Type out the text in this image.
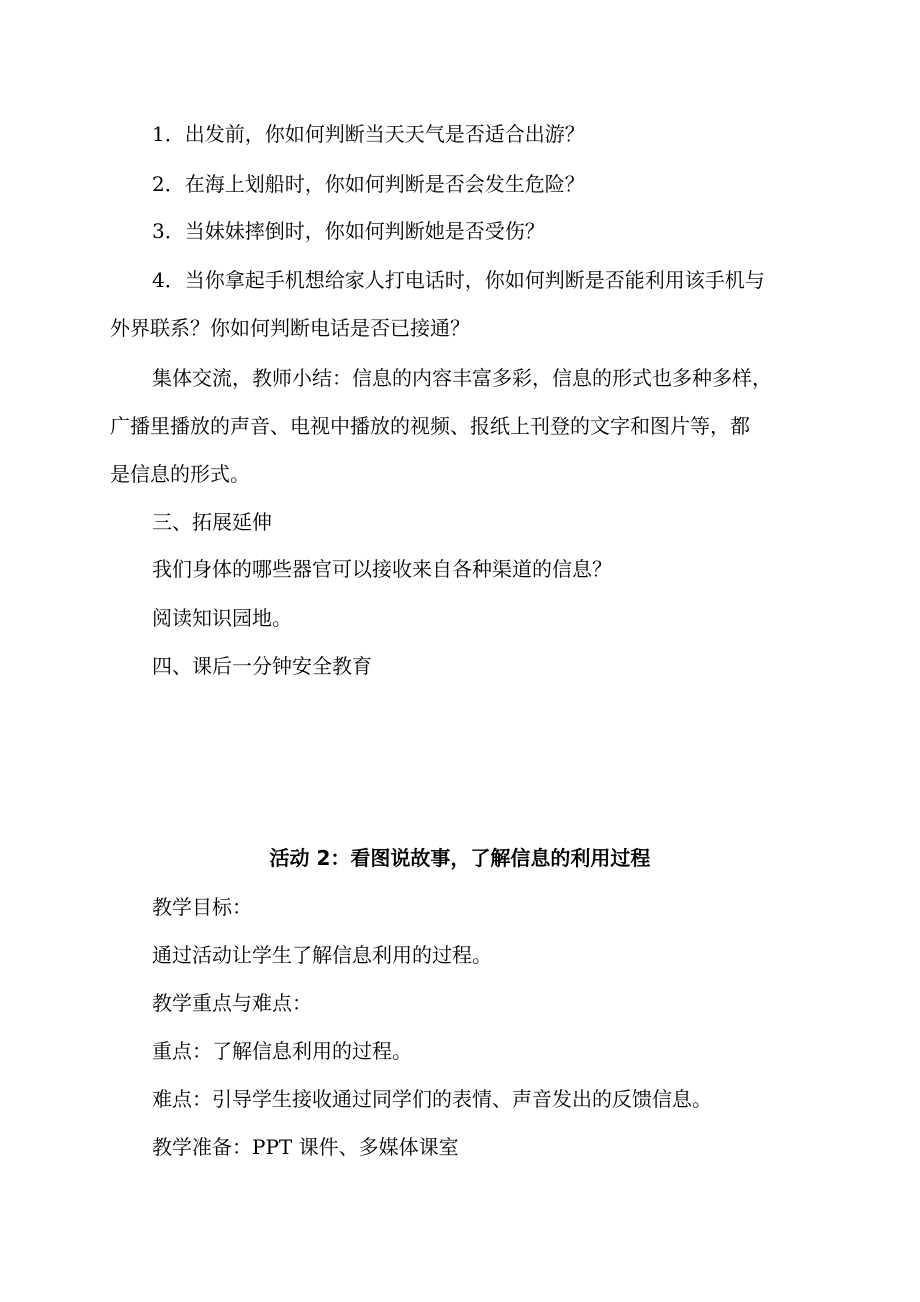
1．出发前，你如何判断当天天气是否适合出游？
2．在海上划船时，你如何判断是否会发生危险？
3．当妹妹摔倒时，你如何判断她是否受伤？
4．当你拿起手机想给家人打电话时，你如何判断是否能利用该手机与
外界联系？你如何判断电话是否已接通？
集体交流，教师小结：信息的内容丰富多彩，信息的形式也多种多样，
广播里播放的声音、电视中播放的视频、报纸上刊登的文字和图片等，都
是信息的形式。
三、拓展延伸
我们身体的哪些器官可以接收来自各种渠道的信息？
阅读知识园地。
四、课后一分钟安全教育
活动 2：看图说故事，了解信息的利用过程
教学目标：
通过活动让学生了解信息利用的过程。
教学重点与难点：
重点：了解信息利用的过程。
难点：引导学生接收通过同学们的表情、声音发出的反馈信息。
教学准备：PPT 课件、多媒体课室
